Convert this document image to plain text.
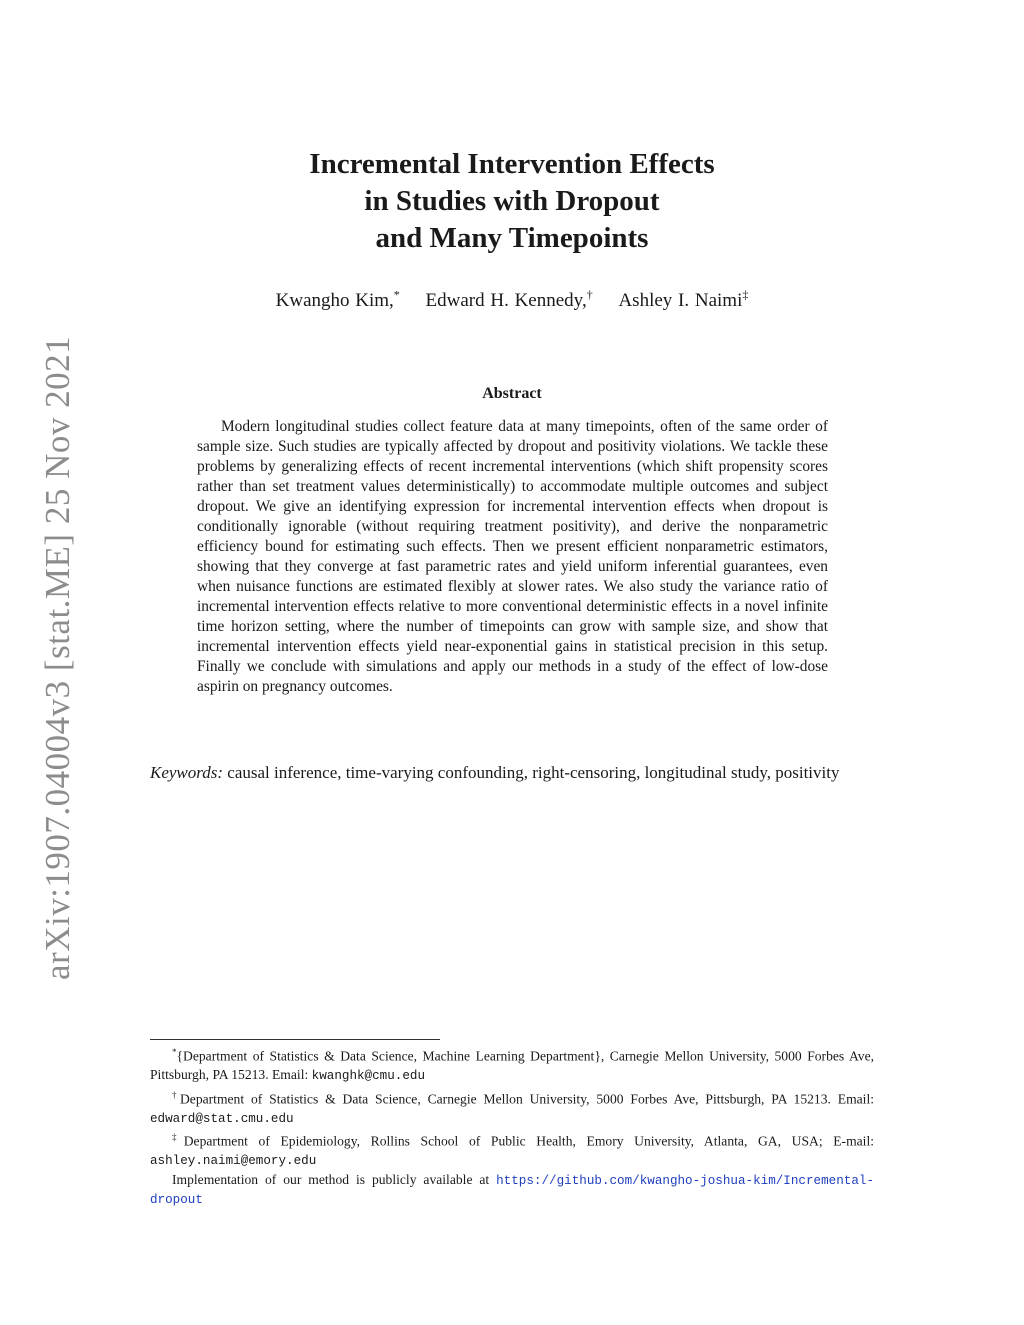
arXiv:1907.04004v3 [stat.ME] 25 Nov 2021
Incremental Intervention Effects
in Studies with Dropout
and Many Timepoints
Kwangho Kim,* Edward H. Kennedy,† Ashley I. Naimi‡
Abstract

Modern longitudinal studies collect feature data at many timepoints, often of the same order of sample size. Such studies are typically affected by dropout and positivity violations. We tackle these problems by generalizing effects of recent incremental interventions (which shift propensity scores rather than set treatment values deterministically) to accommodate multiple outcomes and subject dropout. We give an identifying expression for incremental intervention effects when dropout is conditionally ignorable (without requiring treatment positivity), and derive the nonparametric efficiency bound for estimating such effects. Then we present efficient nonparametric estimators, showing that they converge at fast parametric rates and yield uniform inferential guarantees, even when nuisance functions are estimated flexibly at slower rates. We also study the variance ratio of incremental intervention effects relative to more conventional deterministic effects in a novel infinite time horizon setting, where the number of timepoints can grow with sample size, and show that incremental intervention effects yield near-exponential gains in statistical precision in this setup. Finally we conclude with simulations and apply our methods in a study of the effect of low-dose aspirin on pregnancy outcomes.

Keywords: causal inference, time-varying confounding, right-censoring, longitudinal study, positivity

*{Department of Statistics & Data Science, Machine Learning Department}, Carnegie Mellon University, 5000 Forbes Ave, Pittsburgh, PA 15213. Email: kwanghk@cmu.edu

†Department of Statistics & Data Science, Carnegie Mellon University, 5000 Forbes Ave, Pittsburgh, PA 15213. Email: edward@stat.cmu.edu

‡Department of Epidemiology, Rollins School of Public Health, Emory University, Atlanta, GA, USA; E-mail: ashley.naimi@emory.edu

Implementation of our method is publicly available at https://github.com/kwangho-joshua-kim/Incremental-dropout
